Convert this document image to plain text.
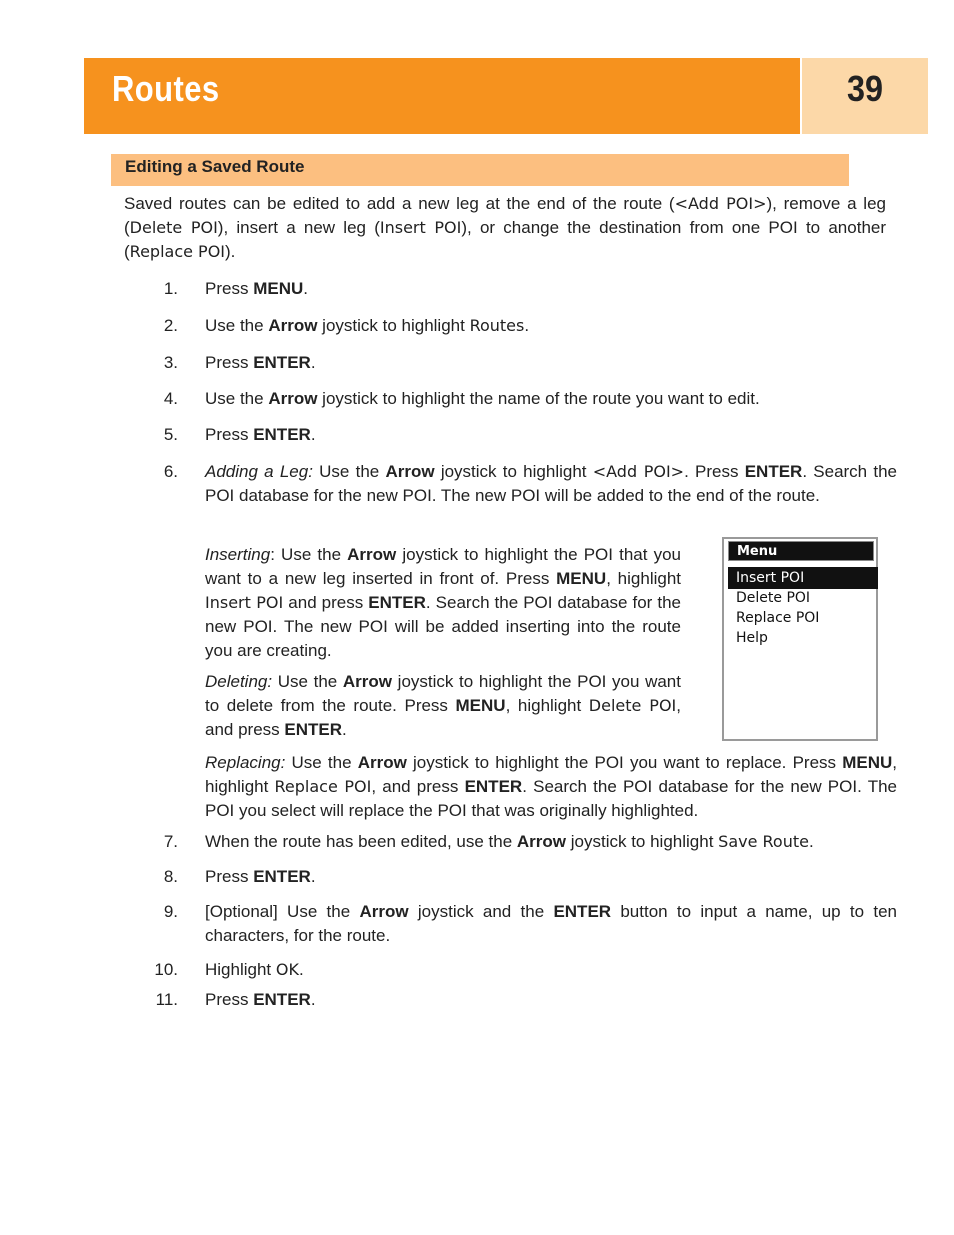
Routes	39
Editing a Saved Route
Saved routes can be edited to add a new leg at the end of the route (<Add POI>), remove a leg (Delete POI), insert a new leg (Insert POI), or change the destination from one POI to another (Replace POI).
1. Press MENU.
2. Use the Arrow joystick to highlight Routes.
3. Press ENTER.
4. Use the Arrow joystick to highlight the name of the route you want to edit.
5. Press ENTER.
6. Adding a Leg: Use the Arrow joystick to highlight <Add POI>. Press ENTER. Search the POI database for the new POI. The new POI will be added to the end of the route.
Inserting: Use the Arrow joystick to highlight the POI that you want to a new leg inserted in front of. Press MENU, highlight Insert POI and press ENTER. Search the POI database for the new POI. The new POI will be added inserting into the route you are creating.
Deleting: Use the Arrow joystick to highlight the POI you want to delete from the route. Press MENU, highlight Delete POI, and press ENTER.
Replacing: Use the Arrow joystick to highlight the POI you want to replace. Press MENU, highlight Replace POI, and press ENTER. Search the POI database for the new POI. The POI you select will replace the POI that was originally highlighted.
Menu
Insert POI
Delete POI
Replace POI
Help
7. When the route has been edited, use the Arrow joystick to highlight Save Route.
8. Press ENTER.
9. [Optional] Use the Arrow joystick and the ENTER button to input a name, up to ten characters, for the route.
10. Highlight OK.
11. Press ENTER.
